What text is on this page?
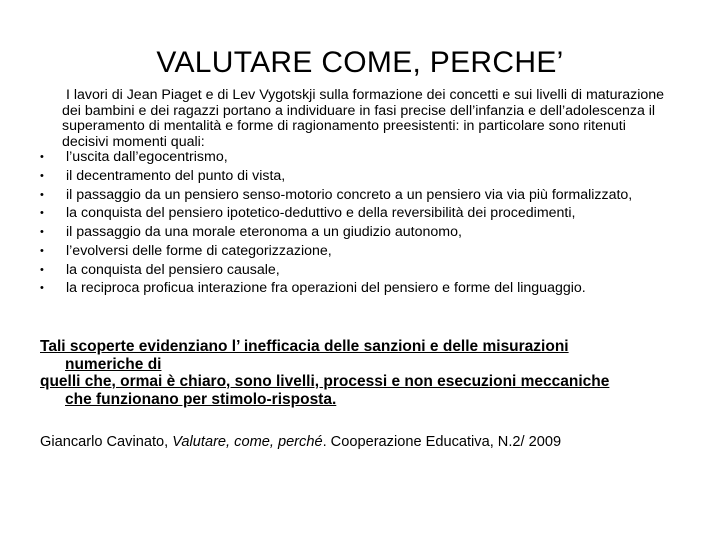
VALUTARE COME, PERCHE’
I lavori di Jean Piaget e di Lev Vygotskji sulla formazione dei concetti e sui livelli di maturazione dei bambini e dei ragazzi portano a individuare in fasi precise dell’infanzia e dell’adolescenza il superamento di mentalità e forme di ragionamento preesistenti: in particolare sono ritenuti decisivi momenti quali:
• l’uscita dall’egocentrismo,
• il decentramento del punto di vista,
• il passaggio da un pensiero senso-motorio concreto a un pensiero via via più formalizzato,
• la conquista del pensiero ipotetico-deduttivo e della reversibilità dei procedimenti,
• il passaggio da una morale eteronoma a un giudizio autonomo,
• l’evolversi delle forme di categorizzazione,
• la conquista del pensiero causale,
• la reciproca proficua interazione fra operazioni del pensiero e forme del linguaggio.
Tali scoperte evidenziano l’ inefficacia delle sanzioni e delle misurazioni
numeriche di
quelli che, ormai è chiaro, sono livelli, processi e non esecuzioni meccaniche
che funzionano per stimolo-risposta.
Giancarlo Cavinato, Valutare, come, perché. Cooperazione Educativa, N.2/ 2009
